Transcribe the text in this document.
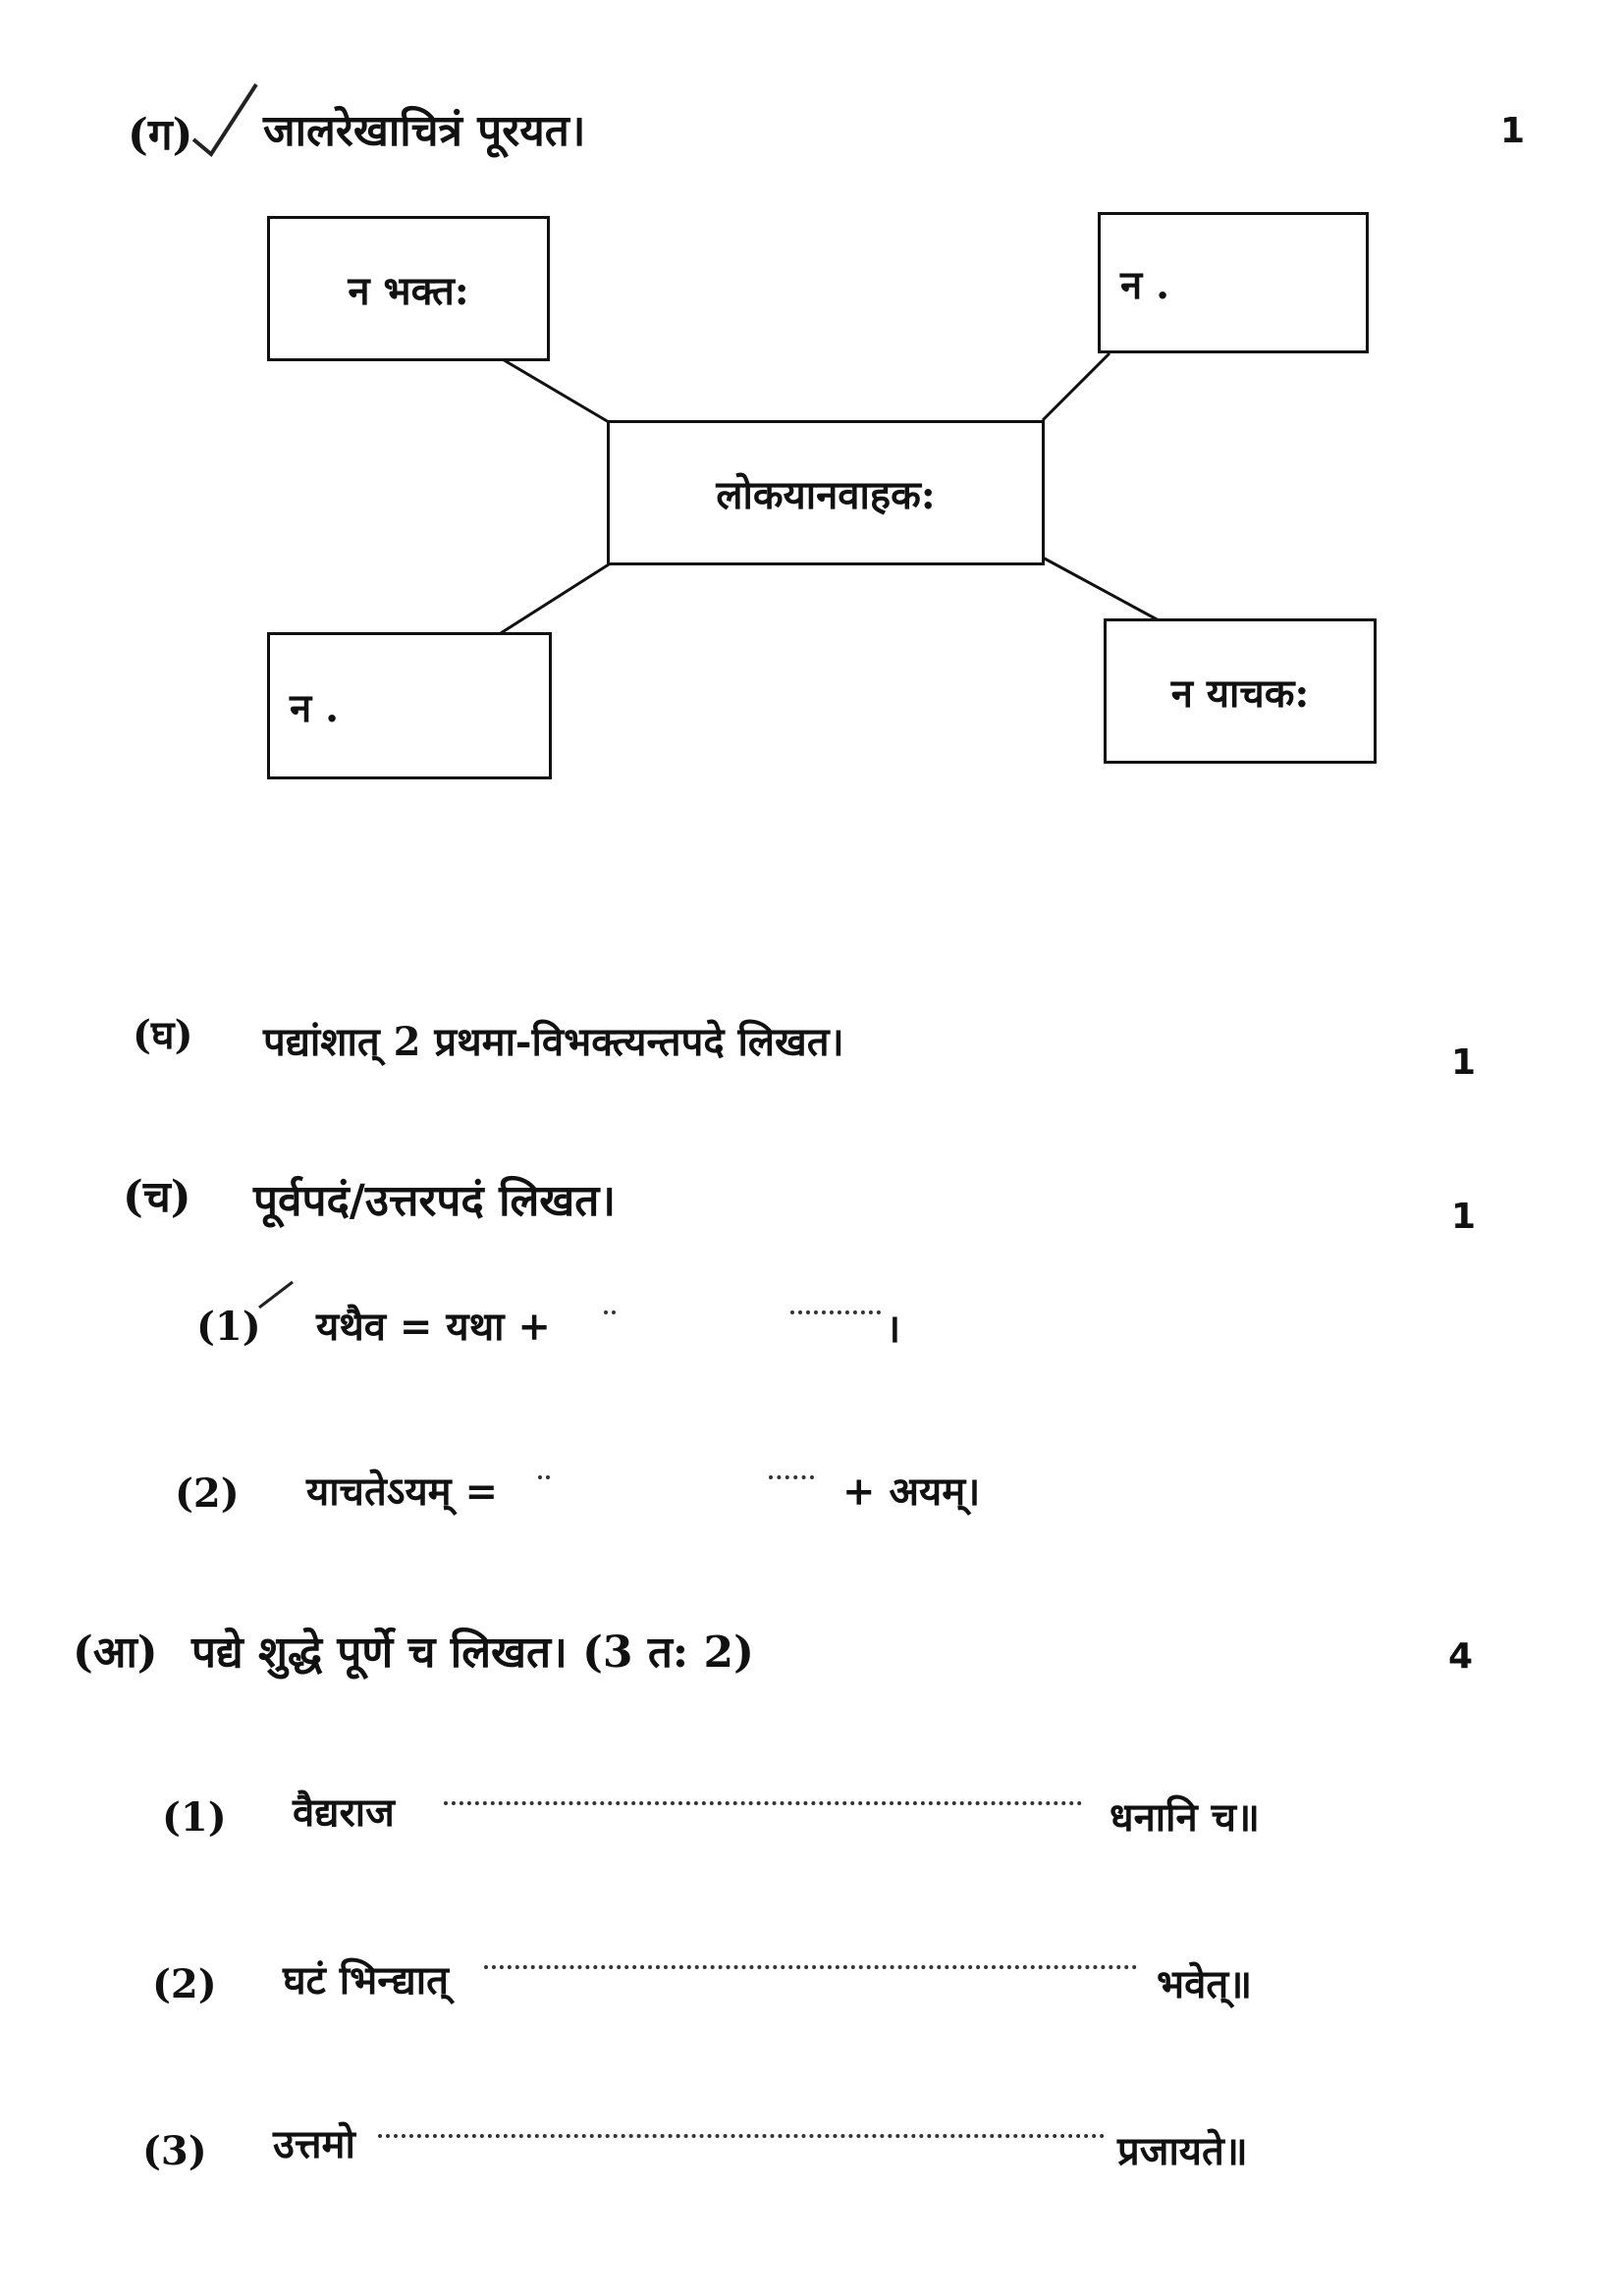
(ग) जालरेखाचित्रं पूरयत।	1
न भक्त:	न .
लोकयानवाहक:
न .	न याचक:
(घ) पद्यांशात् 2 प्रथमा-विभक्त्यन्तपदे लिखत।	1
(च) पूर्वपदं/उत्तरपदं लिखत।	1
(1) यथैव = यथा +	।
(2) याचतेऽयम् =	+ अयम्।
(आ) पद्ये शुद्धे पूर्णे च लिखत। (3 त: 2)	4
(1) वैद्यराज	धनानि च॥
(2) घटं भिन्द्यात्	भवेत्॥
(3) उत्तमो	प्रजायते॥
